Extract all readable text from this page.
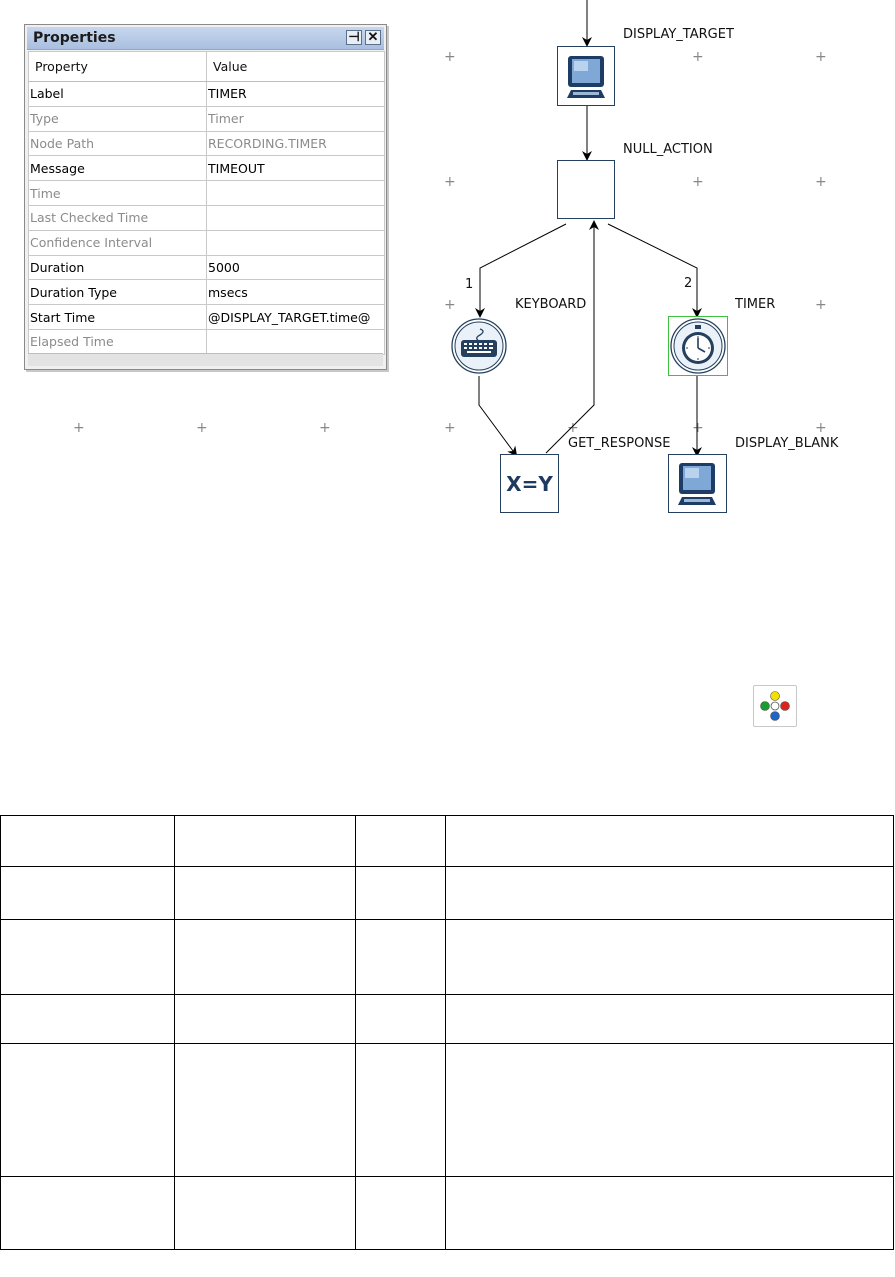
Properties	⊣ ✕
Property	Value
Label	TIMER
Type	Timer
Node Path	RECORDING.TIMER
Message	TIMEOUT
Time	
Last Checked Time	
Confidence Interval	
Duration	5000
Duration Type	msecs
Start Time	@DISPLAY_TARGET.time@
Elapsed Time	
+	+	+
+	+	+
+	+
+	+	+	+	+	+	+
DISPLAY_TARGET
NULL_ACTION
KEYBOARD
1
TIMER
2
X=Y
GET_RESPONSE	DISPLAY_BLANK
